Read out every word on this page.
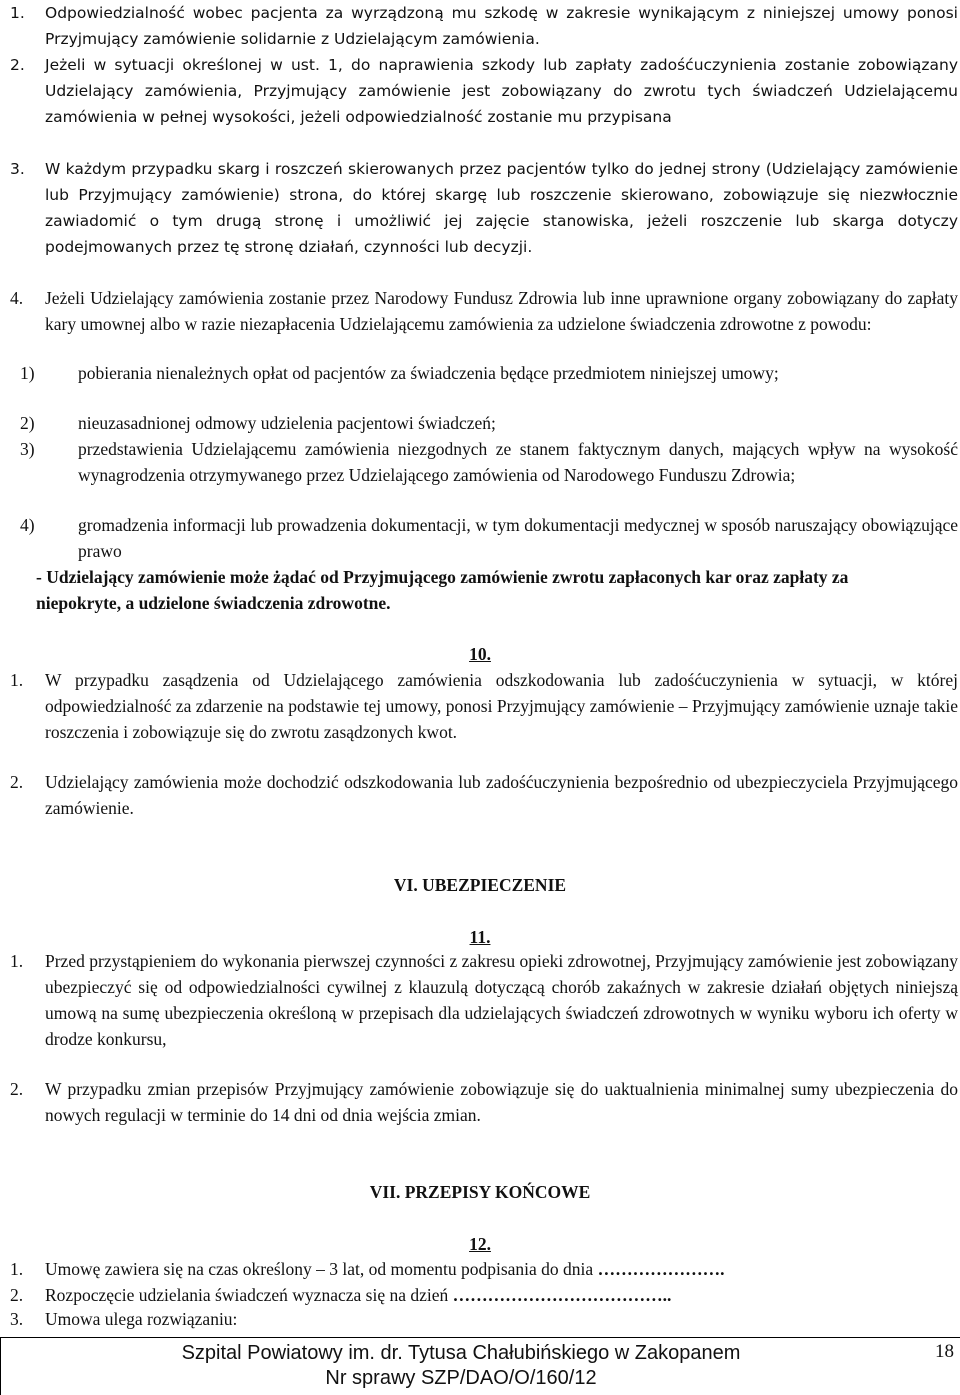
1. Odpowiedzialność wobec pacjenta za wyrządzoną mu szkodę w zakresie wynikającym z niniejszej umowy ponosi Przyjmujący zamówienie solidarnie z Udzielającym zamówienia.
2. Jeżeli w sytuacji określonej w ust. 1, do naprawienia szkody lub zapłaty zadośćuczynienia zostanie zobowiązany Udzielający zamówienia, Przyjmujący zamówienie jest zobowiązany do zwrotu tych świadczeń Udzielającemu zamówienia w pełnej wysokości, jeżeli odpowiedzialność zostanie mu przypisana
3. W każdym przypadku skarg i roszczeń skierowanych przez pacjentów tylko do jednej strony (Udzielający zamówienie lub Przyjmujący zamówienie) strona, do której skargę lub roszczenie skierowano, zobowiązuje się niezwłocznie zawiadomić o tym drugą stronę i umożliwić jej zajęcie stanowiska, jeżeli roszczenie lub skarga dotyczy podejmowanych przez tę stronę działań, czynności lub decyzji.
4. Jeżeli Udzielający zamówienia zostanie przez Narodowy Fundusz Zdrowia lub inne uprawnione organy zobowiązany do zapłaty kary umownej albo w razie niezapłacenia Udzielającemu zamówienia za udzielone świadczenia zdrowotne z powodu:
1) pobierania nienależnych opłat od pacjentów za świadczenia będące przedmiotem niniejszej umowy;
2) nieuzasadnionej odmowy udzielenia pacjentowi świadczeń;
3) przedstawienia Udzielającemu zamówienia niezgodnych ze stanem faktycznym danych, mających wpływ na wysokość wynagrodzenia otrzymywanego przez Udzielającego zamówienia od Narodowego Funduszu Zdrowia;
4) gromadzenia informacji lub prowadzenia dokumentacji, w tym dokumentacji medycznej w sposób naruszający obowiązujące prawo
- Udzielający zamówienie może żądać od Przyjmującego zamówienie zwrotu zapłaconych kar oraz zapłaty za niepokryte, a udzielone świadczenia zdrowotne.
10.
1. W przypadku zasądzenia od Udzielającego zamówienia odszkodowania lub zadośćuczynienia w sytuacji, w której odpowiedzialność za zdarzenie na podstawie tej umowy, ponosi Przyjmujący zamówienie – Przyjmujący zamówienie uznaje takie roszczenia i zobowiązuje się do zwrotu zasądzonych kwot.
2. Udzielający zamówienia może dochodzić odszkodowania lub zadośćuczynienia bezpośrednio od ubezpieczyciela Przyjmującego zamówienie.
VI. UBEZPIECZENIE
11.
1. Przed przystąpieniem do wykonania pierwszej czynności z zakresu opieki zdrowotnej, Przyjmujący zamówienie jest zobowiązany ubezpieczyć się od odpowiedzialności cywilnej z klauzulą dotyczącą chorób zakaźnych w zakresie działań objętych niniejszą umową na sumę ubezpieczenia określoną w przepisach dla udzielających świadczeń zdrowotnych w wyniku wyboru ich oferty w drodze konkursu,
2. W przypadku zmian przepisów Przyjmujący zamówienie zobowiązuje się do uaktualnienia minimalnej sumy ubezpieczenia do nowych regulacji w terminie do 14 dni od dnia wejścia zmian.
VII. PRZEPISY KOŃCOWE
12.
1. Umowę zawiera się na czas określony – 3 lat, od momentu podpisania do dnia ………………….
2. Rozpoczęcie udzielania świadczeń wyznacza się na dzień ………………………………..
3. Umowa ulega rozwiązaniu:
Szpital Powiatowy im. dr. Tytusa Chałubińskiego w Zakopanem
Nr sprawy SZP/DAO/O/160/12
18
